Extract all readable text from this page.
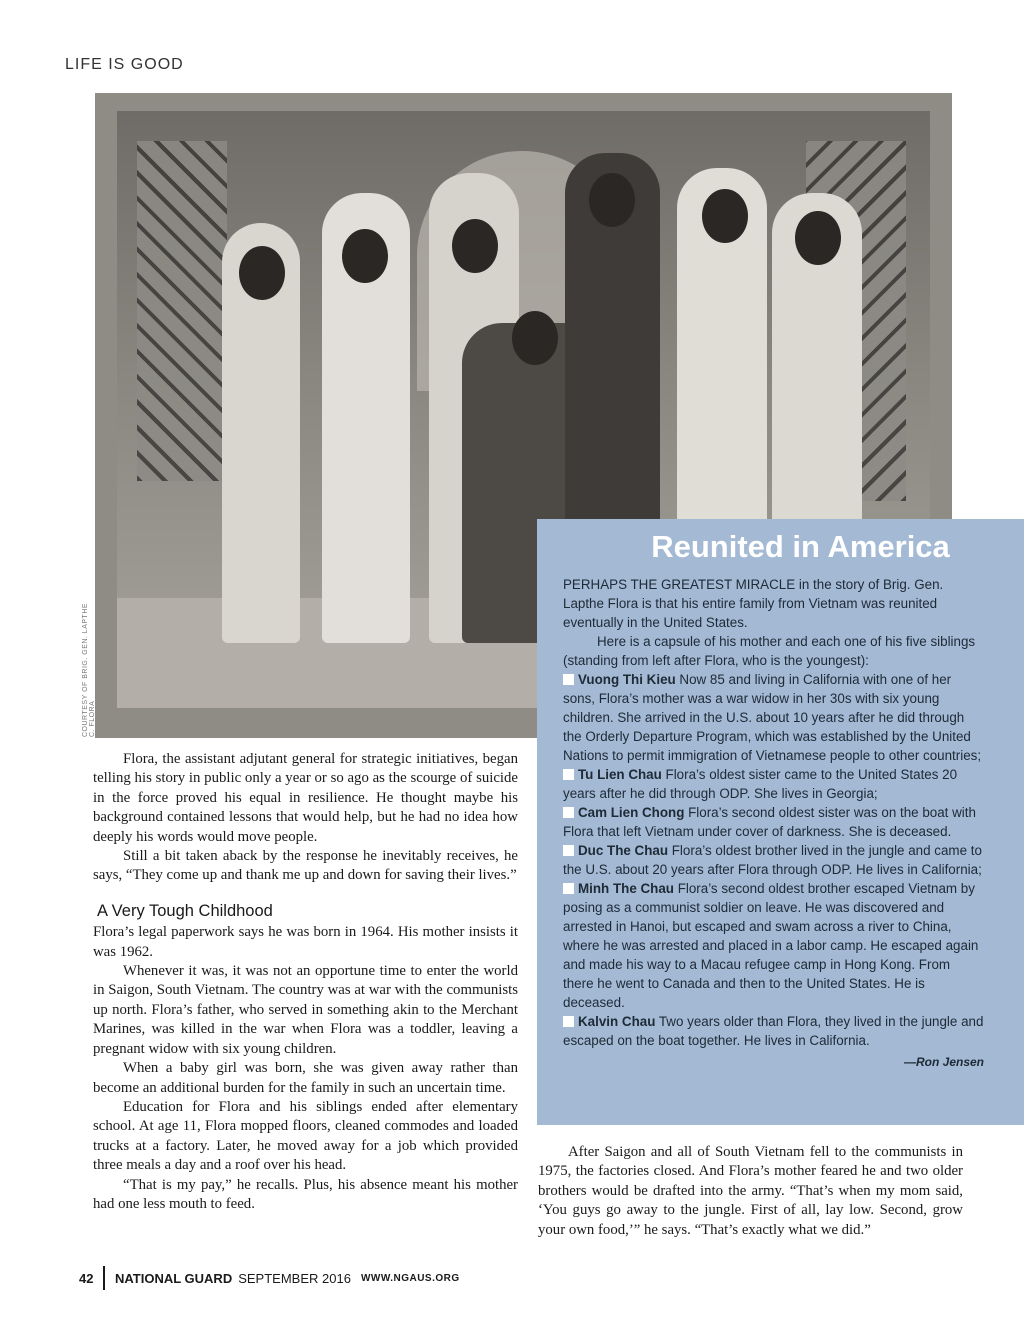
LIFE IS GOOD
COURTESY OF BRIG. GEN. LAPTHE C. FLORA
Reunited in America

PERHAPS THE GREATEST MIRACLE in the story of Brig. Gen. Lapthe Flora is that his entire family from Vietnam was reunited eventually in the United States.

Here is a capsule of his mother and each one of his five siblings (standing from left after Flora, who is the youngest):

Vuong Thi Kieu Now 85 and living in California with one of her sons, Flora’s mother was a war widow in her 30s with six young children. She arrived in the U.S. about 10 years after he did through the Orderly Departure Program, which was established by the United Nations to permit immigration of Vietnamese people to other countries;

Tu Lien Chau Flora’s oldest sister came to the United States 20 years after he did through ODP. She lives in Georgia;

Cam Lien Chong Flora’s second oldest sister was on the boat with Flora that left Vietnam under cover of darkness. She is deceased.

Duc The Chau Flora’s oldest brother lived in the jungle and came to the U.S. about 20 years after Flora through ODP. He lives in California;

Minh The Chau Flora’s second oldest brother escaped Vietnam by posing as a communist soldier on leave. He was discovered and arrested in Hanoi, but escaped and swam across a river to China, where he was arrested and placed in a labor camp. He escaped again and made his way to a Macau refugee camp in Hong Kong. From there he went to Canada and then to the United States. He is deceased.

Kalvin Chau Two years older than Flora, they lived in the jungle and escaped on the boat together. He lives in California.

—Ron Jensen

Flora, the assistant adjutant general for strategic initiatives, began telling his story in public only a year or so ago as the scourge of suicide in the force proved his equal in resilience. He thought maybe his background contained lessons that would help, but he had no idea how deeply his words would move people.

Still a bit taken aback by the response he inevitably receives, he says, “They come up and thank me up and down for saving their lives.”

A Very Tough Childhood

Flora’s legal paperwork says he was born in 1964. His mother insists it was 1962.

Whenever it was, it was not an opportune time to enter the world in Saigon, South Vietnam. The country was at war with the communists up north. Flora’s father, who served in something akin to the Merchant Marines, was killed in the war when Flora was a toddler, leaving a pregnant widow with six young children.

When a baby girl was born, she was given away rather than become an additional burden for the family in such an uncertain time.

Education for Flora and his siblings ended after elementary school. At age 11, Flora mopped floors, cleaned commodes and loaded trucks at a factory. Later, he moved away for a job which provided three meals a day and a roof over his head.

“That is my pay,” he recalls. Plus, his absence meant his mother had one less mouth to feed.

After Saigon and all of South Vietnam fell to the communists in 1975, the factories closed. And Flora’s mother feared he and two older brothers would be drafted into the army. “That’s when my mom said, ‘You guys go away to the jungle. First of all, lay low. Second, grow your own food,’” he says. “That’s exactly what we did.”

42 NATIONAL GUARD SEPTEMBER 2016 WWW.NGAUS.ORG
